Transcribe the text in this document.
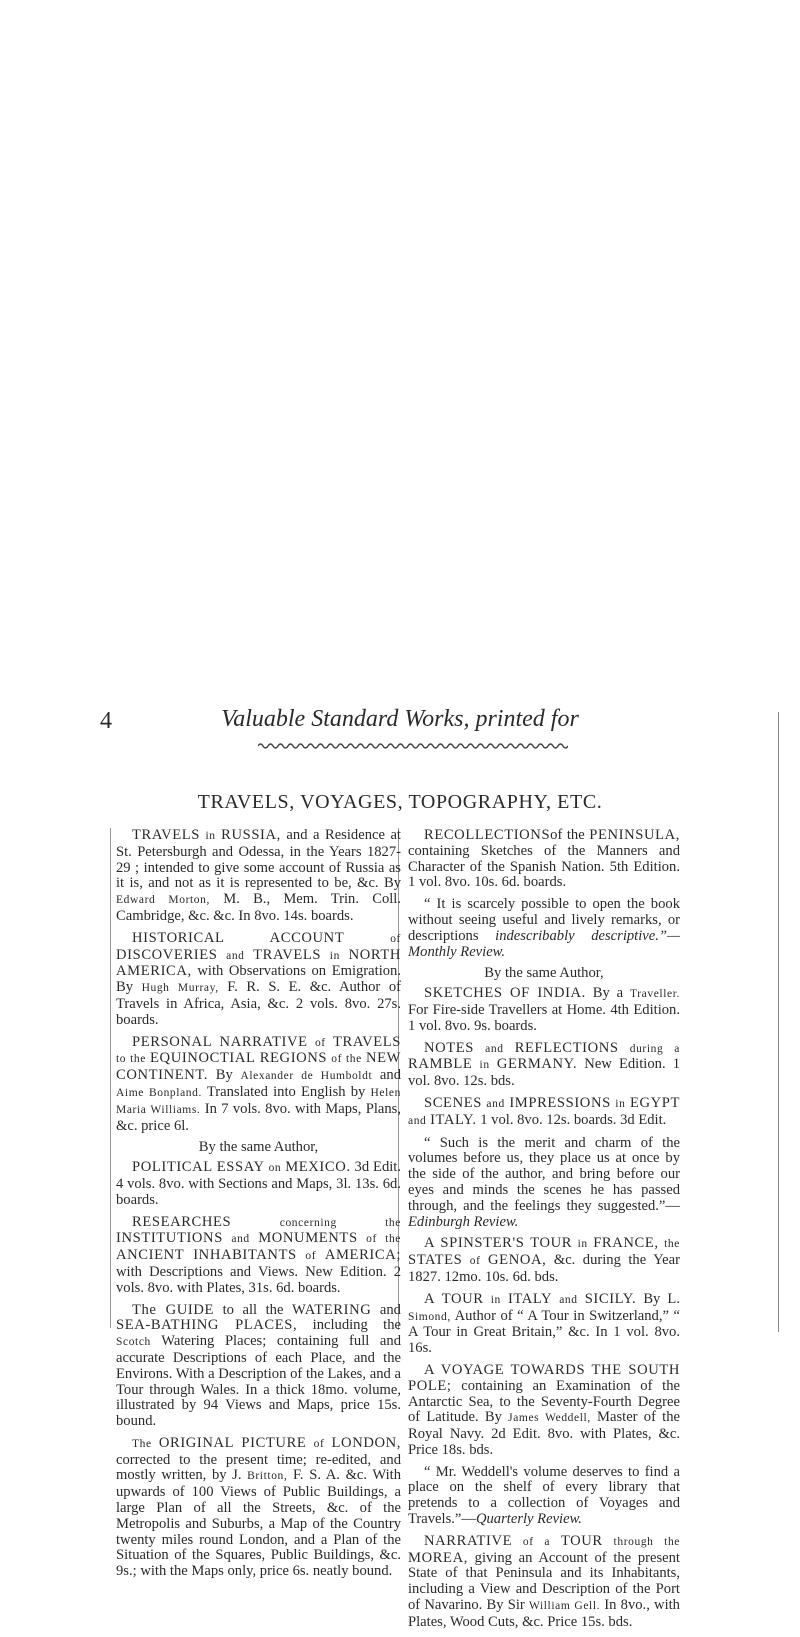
4	Valuable Standard Works, printed for
TRAVELS, VOYAGES, TOPOGRAPHY, ETC.

TRAVELS in RUSSIA, and a Residence at St. Petersburgh and Odessa, in the Years 1827-29 ; intended to give some account of Russia as it is, and not as it is represented to be, &c. By Edward Morton, M. B., Mem. Trin. Coll. Cambridge, &c. &c. In 8vo. 14s. boards.

HISTORICAL ACCOUNT	of DISCOVERIES and TRAVELS in NORTH AMERICA, with Observations on Emigration. By Hugh Murray, F. R. S. E. &c. Author of Travels in Africa, Asia, &c. 2 vols. 8vo. 27s. boards.

PERSONAL NARRATIVE of TRAVELS to the EQUINOCTIAL REGIONS of the NEW CONTINENT. By Alexander de Humboldt and Aime Bonpland. Translated into English by Helen Maria Williams. In 7 vols. 8vo. with Maps, Plans, &c. price 6l.

By the same Author,

POLITICAL ESSAY on MEXICO. 3d Edit. 4 vols. 8vo. with Sections and Maps, 3l. 13s. 6d. boards.

RESEARCHES	concerning the INSTITUTIONS and MONUMENTS of the ANCIENT INHABITANTS of AMERICA; with Descriptions and Views. New Edition. 2 vols. 8vo. with Plates, 31s. 6d. boards.

The GUIDE to all the WATERING and SEA-BATHING PLACES, including the Scotch Watering Places; containing full and accurate Descriptions of each Place, and the Environs. With a Description of the Lakes, and a Tour through Wales. In a thick 18mo. volume, illustrated by 94 Views and Maps, price 15s. bound.

The ORIGINAL PICTURE of LONDON, corrected to the present time; re-edited, and mostly written, by J. Britton, F. S. A. &c. With upwards of 100 Views of Public Buildings, a large Plan of all the Streets, &c. of the Metropolis and Suburbs, a Map of the Country twenty miles round London, and a Plan of the Situation of the Squares, Public Buildings, &c. 9s.; with the Maps only, price 6s. neatly bound.

RECOLLECTIONSof the PENINSULA, containing Sketches of the Manners and Character of the Spanish Nation. 5th Edition. 1 vol. 8vo. 10s. 6d. boards.

“ It is scarcely possible to open the book without seeing useful and lively remarks, or descriptions indescribably descriptive.”—Monthly Review.

By the same Author,

SKETCHES OF INDIA. By a Traveller. For Fire-side Travellers at Home. 4th Edition. 1 vol. 8vo. 9s. boards.

NOTES and REFLECTIONS during a RAMBLE in GERMANY. New Edition. 1 vol. 8vo. 12s. bds.

SCENES and IMPRESSIONS in EGYPT and ITALY. 1 vol. 8vo. 12s. boards. 3d Edit.

“ Such is the merit and charm of the volumes before us, they place us at once by the side of the author, and bring before our eyes and minds the scenes he has passed through, and the feelings they suggested.”—Edinburgh Review.

A SPINSTER'S TOUR in FRANCE, the STATES of GENOA, &c. during the Year 1827. 12mo. 10s. 6d. bds.

A TOUR in ITALY and SICILY. By L. Simond, Author of “ A Tour in Switzerland,” “ A Tour in Great Britain,” &c. In 1 vol. 8vo. 16s.

A VOYAGE TOWARDS THE SOUTH POLE; containing an Examination of the Antarctic Sea, to the Seventy-Fourth Degree of Latitude. By James Weddell, Master of the Royal Navy. 2d Edit. 8vo. with Plates, &c. Price 18s. bds.

“ Mr. Weddell's volume deserves to find a place on the shelf of every library that pretends to a collection of Voyages and Travels.”—Quarterly Review.

NARRATIVE of a TOUR through the MOREA, giving an Account of the present State of that Peninsula and its Inhabitants, including a View and Description of the Port of Navarino. By Sir William Gell. In 8vo., with Plates, Wood Cuts, &c. Price 15s. bds.
